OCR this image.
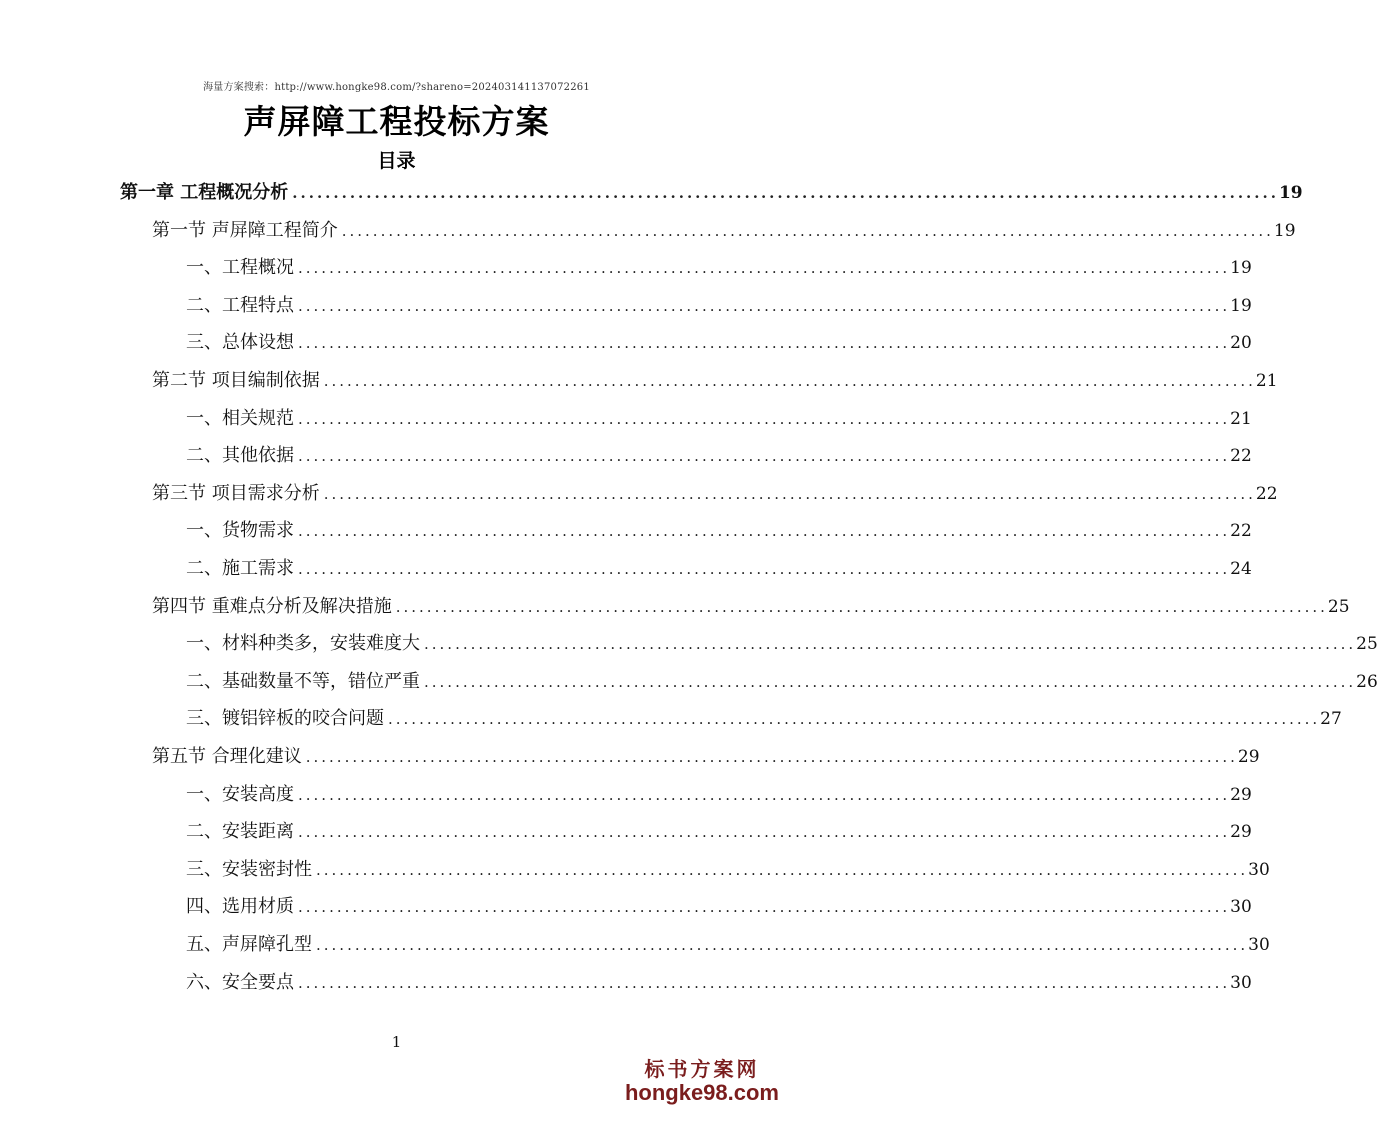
海量方案搜索：http://www.hongke98.com/?shareno=2024031411370722​61
声屏障工程投标方案
目录
第一章 工程概况分析 ........................................................................................................................ 19
第一节 声屏障工程简介 ........................................................................................................................ 19
一、工程概况 ........................................................................................................................ 19
二、工程特点 ........................................................................................................................ 19
三、总体设想 ........................................................................................................................ 20
第二节 项目编制依据 ........................................................................................................................ 21
一、相关规范 ........................................................................................................................ 21
二、其他依据 ........................................................................................................................ 22
第三节 项目需求分析 ........................................................................................................................ 22
一、货物需求 ........................................................................................................................ 22
二、施工需求 ........................................................................................................................ 24
第四节 重难点分析及解决措施 ........................................................................................................................ 25
一、材料种类多，安装难度大 ........................................................................................................................ 25
二、基础数量不等，错位严重 ........................................................................................................................ 26
三、镀铝锌板的咬合问题 ........................................................................................................................ 27
第五节 合理化建议 ........................................................................................................................ 29
一、安装高度 ........................................................................................................................ 29
二、安装距离 ........................................................................................................................ 29
三、安装密封性 ........................................................................................................................ 30
四、选用材质 ........................................................................................................................ 30
五、声屏障孔型 ........................................................................................................................ 30
六、安全要点 ........................................................................................................................ 30
1
标书方案网
hongke98.com
